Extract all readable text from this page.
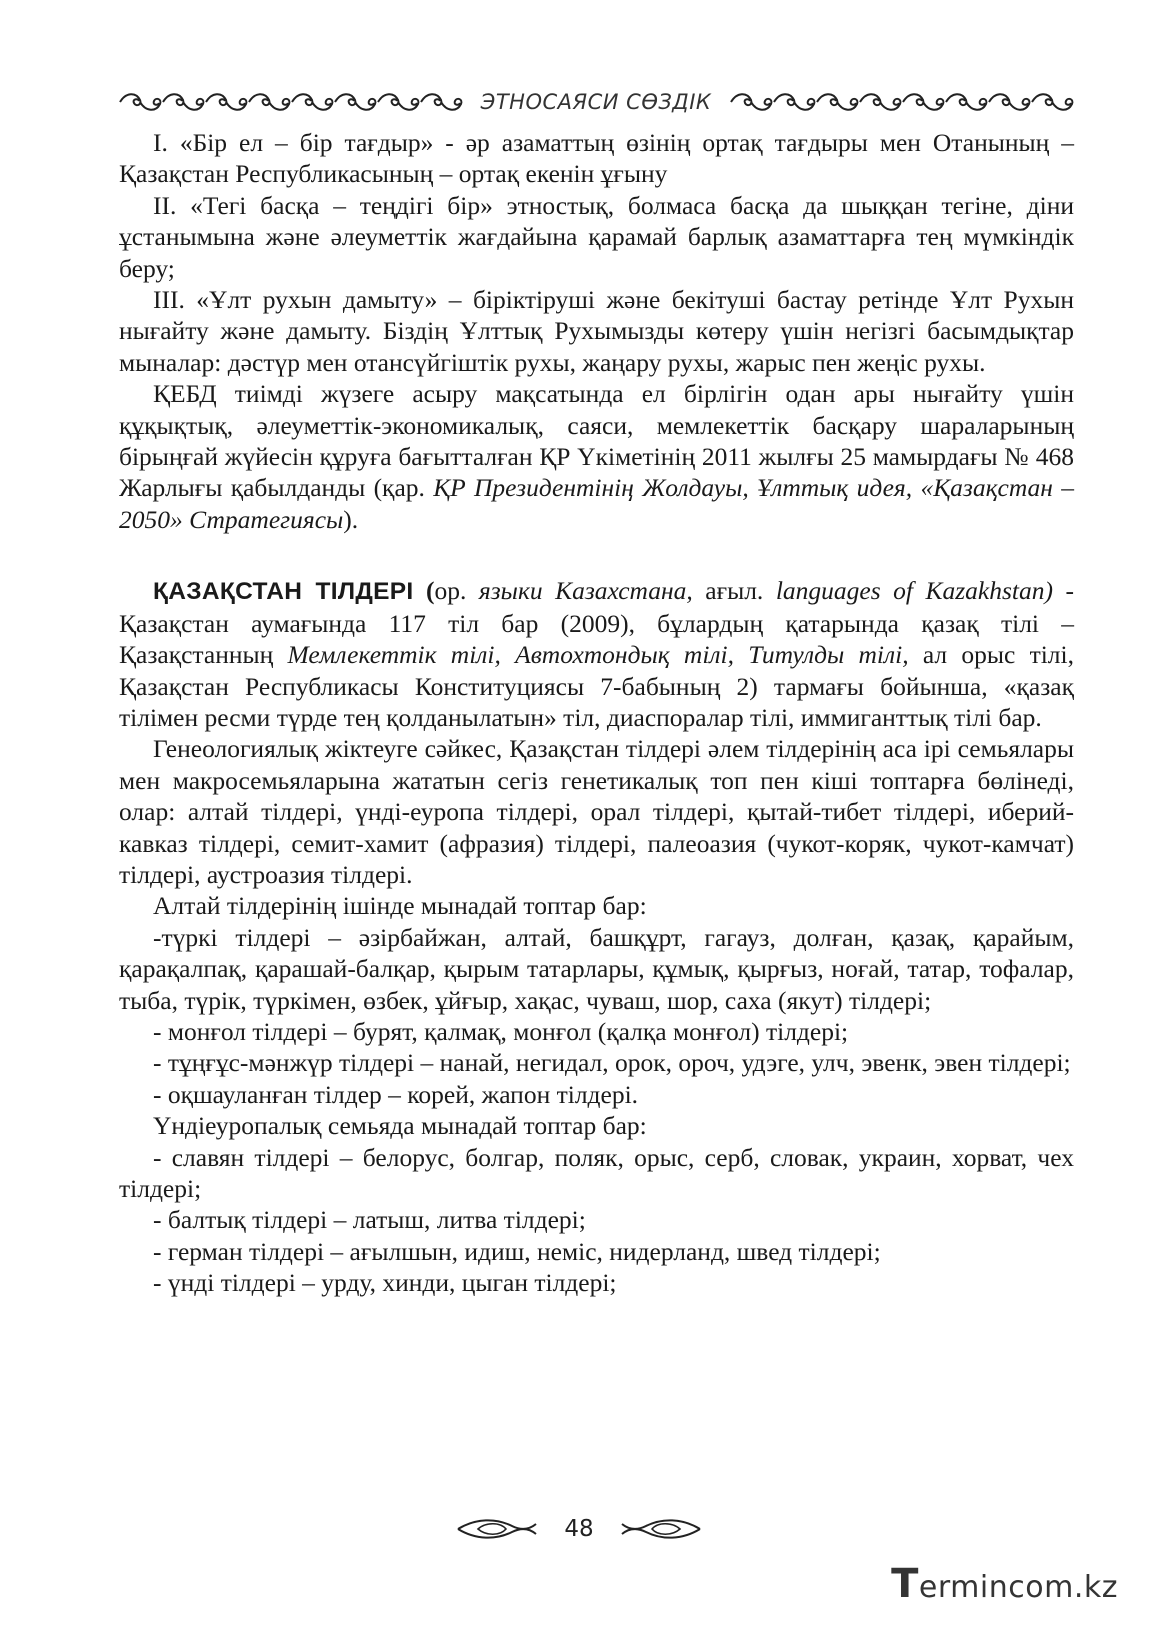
ЭТНОСАЯСИ СӨЗДІК

І. «Бір ел – бір тағдыр» - әр азаматтың өзінің ортақ тағдыры мен Отанының – Қазақстан Республикасының – ортақ екенін ұғыну

ІІ. «Тегі басқа – теңдігі бір» этностық, болмаса басқа да шыққан тегіне, діни ұстанымына және әлеуметтік жағдайына қарамай барлық азаматтарға тең мүмкіндік беру;

ІІІ. «Ұлт рухын дамыту» – біріктіруші және бекітуші бастау ретінде Ұлт Рухын нығайту және дамыту. Біздің Ұлттық Рухымызды көтеру үшін негізгі басымдықтар мыналар: дәстүр мен отансүйгіштік рухы, жаңару рухы, жарыс пен жеңіс рухы.

ҚЕБД тиімді жүзеге асыру мақсатында ел бірлігін одан ары нығайту үшін құқықтық, әлеуметтік-экономикалық, саяси, мемлекеттік басқару шараларының бірыңғай жүйесін құруға бағытталған ҚР Үкіметінің 2011 жылғы 25 мамырдағы № 468 Жарлығы қабылданды (қар. ҚР Президентінің Жолдауы, Ұлттық идея, «Қазақстан – 2050» Стратегиясы).

ҚАЗАҚСТАН ТІЛДЕРІ (ор. языки Казахстана, ағыл. languages of Kazakhstan) - Қазақстан аумағында 117 тіл бар (2009), бұлардың қатарында қазақ тілі – Қазақстанның Мемлекеттік тілі, Автохтондық тілі, Титулды тілі, ал орыс тілі, Қазақстан Республикасы Конституциясы 7-бабының 2) тармағы бойынша, «қазақ тілімен ресми түрде тең қолданылатын» тіл, диаспоралар тілі, иммиганттық тілі бар.

Генеологиялық жіктеуге сәйкес, Қазақстан тілдері әлем тілдерінің аса ірі семьялары мен макросемьяларына жататын сегіз генетикалық топ пен кіші топтарға бөлінеді, олар: алтай тілдері, үнді-еуропа тілдері, орал тілдері, қытай-тибет тілдері, иберий-кавказ тілдері, семит-хамит (афразия) тілдері, палеоазия (чукот-коряк, чукот-камчат) тілдері, аустроазия тілдері.

Алтай тілдерінің ішінде мынадай топтар бар:

-түркі тілдері – әзірбайжан, алтай, башқұрт, гагауз, долған, қазақ, қарайым, қарақалпақ, қарашай-балқар, қырым татарлары, құмық, қырғыз, ноғай, татар, тофалар, тыба, түрік, түркімен, өзбек, ұйғыр, хақас, чуваш, шор, саха (якут) тілдері;

- монғол тілдері – бурят, қалмақ, монғол (қалқа монғол) тілдері;

- тұңғұс-мәнжүр тілдері – нанай, негидал, орок, ороч, удэге, улч, эвенк, эвен тілдері;

- оқшауланған тілдер – корей, жапон тілдері.

Үндіеуропалық семьяда мынадай топтар бар:

- славян тілдері – белорус, болгар, поляк, орыс, серб, словак, украин, хорват, чех тілдері;

- балтық тілдері – латыш, литва тілдері;

- герман тілдері – ағылшын, идиш, неміс, нидерланд, швед тілдері;

- үнді тілдері – урду, хинди, цыган тілдері;

48
Termincom.kz
